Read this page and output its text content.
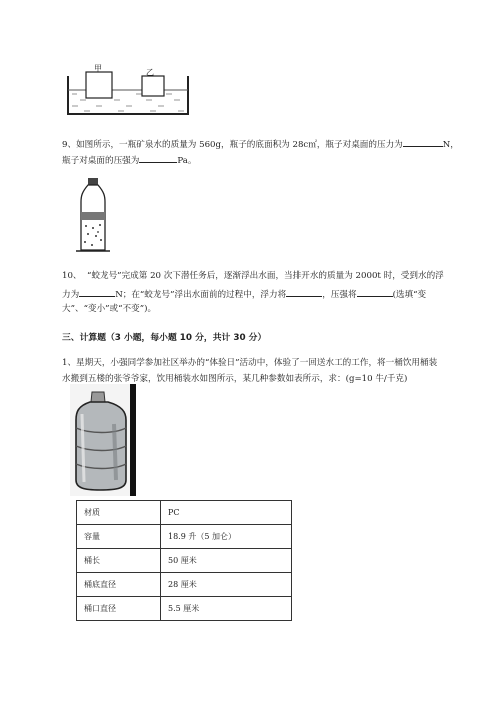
甲	乙
9、如图所示，一瓶矿泉水的质量为 560g，瓶子的底面积为 28c㎡，瓶子对桌面的压力为	N，
瓶子对桌面的压强为	Pa。
10、 “蛟龙号”完成第 20 次下潜任务后，逐渐浮出水面，当排开水的质量为 2000t 时，受到水的浮
力为	N；在“蛟龙号”浮出水面前的过程中，浮力将	，压强将	(选填“变
大”、“变小”或“不变”)。
三、计算题（3 小题，每小题 10 分，共计 30 分）
1、星期天，小强同学参加社区举办的“体验日”活动中，体验了一回送水工的工作，将一桶饮用桶装
水搬到五楼的张爷爷家，饮用桶装水如图所示，某几种参数如表所示，求：(g=10 牛/千克)
材质	PC
容量	18.9 升（5 加仑）
桶长	50 厘米
桶底直径	28 厘米
桶口直径	5.5 厘米
